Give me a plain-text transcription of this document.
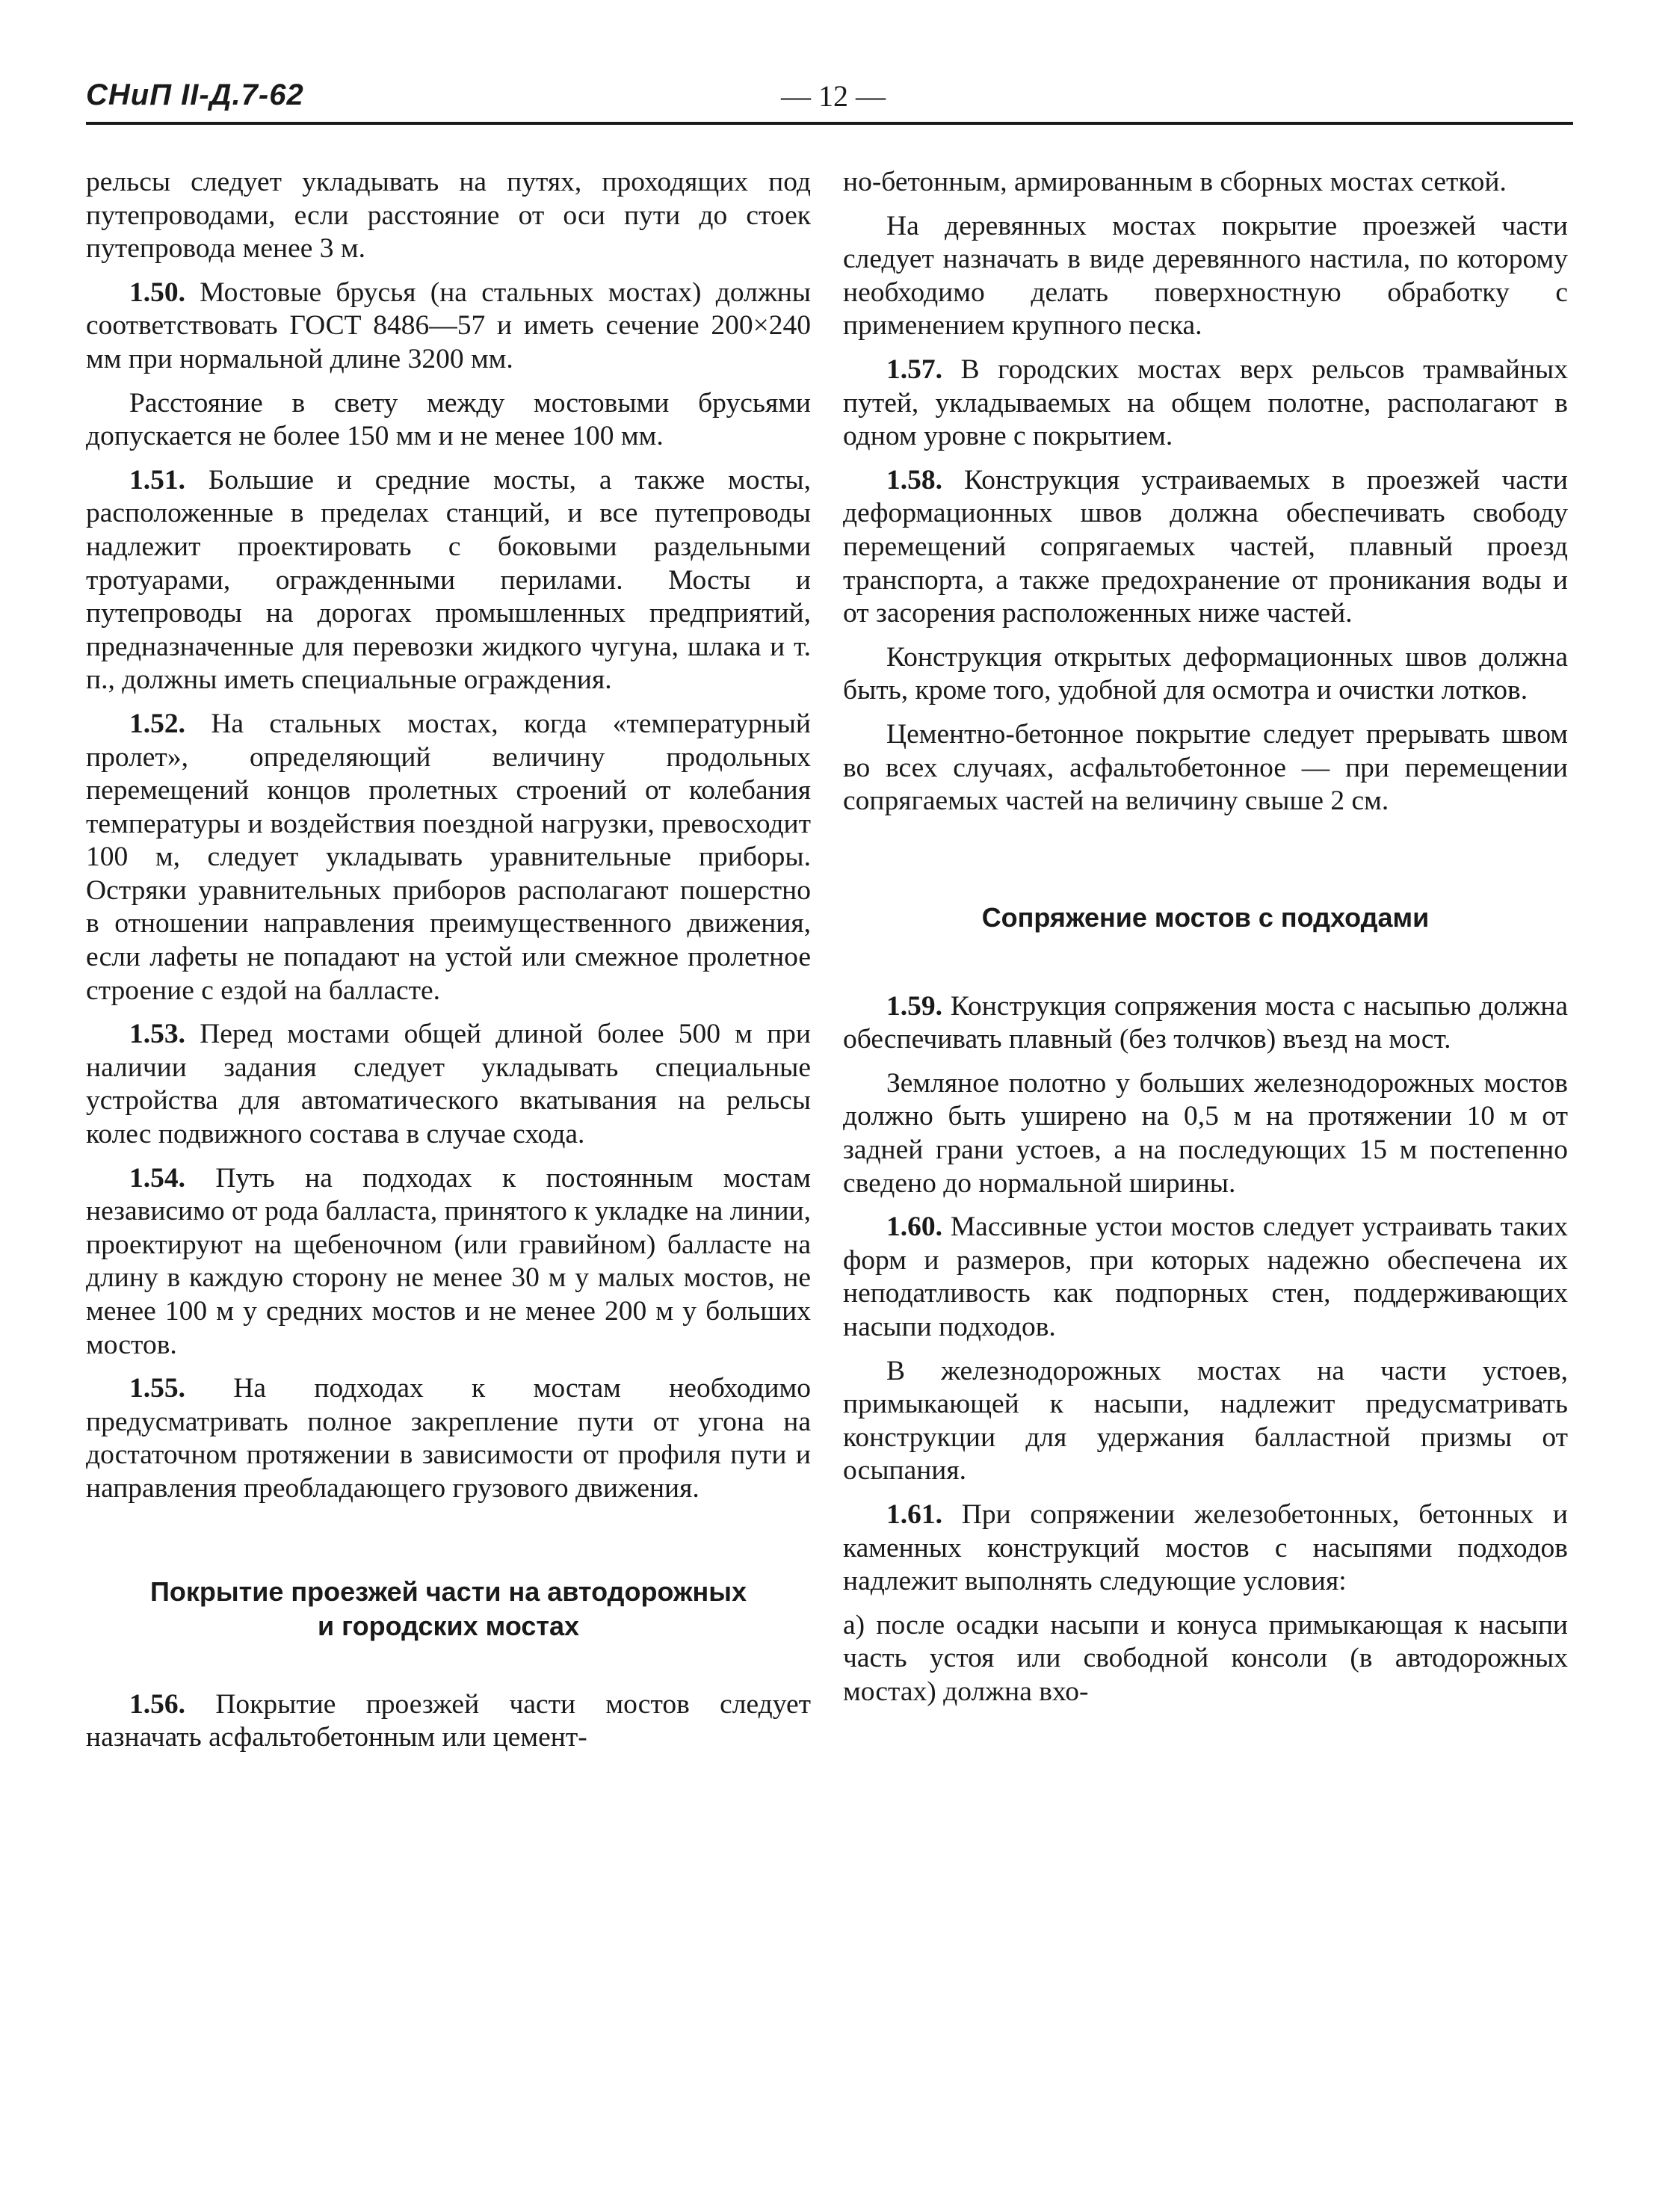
СНиП II-Д.7-62	— 12 —

рельсы следует укладывать на путях, проходящих под путепроводами, если расстояние от оси пути до стоек путепровода менее 3 м.

1.50. Мостовые брусья (на стальных мостах) должны соответствовать ГОСТ 8486—57 и иметь сечение 200×240 мм при нормальной длине 3200 мм.

Расстояние в свету между мостовыми брусьями допускается не более 150 мм и не менее 100 мм.

1.51. Большие и средние мосты, а также мосты, расположенные в пределах станций, и все путепроводы надлежит проектировать с боковыми раздельными тротуарами, огражденными перилами. Мосты и путепроводы на дорогах промышленных предприятий, предназначенные для перевозки жидкого чугуна, шлака и т. п., должны иметь специальные ограждения.

1.52. На стальных мостах, когда «температурный пролет», определяющий величину продольных перемещений концов пролетных строений от колебания температуры и воздействия поездной нагрузки, превосходит 100 м, следует укладывать уравнительные приборы. Остряки уравнительных приборов располагают пошерстно в отношении направления преимущественного движения, если лафеты не попадают на устой или смежное пролетное строение с ездой на балласте.

1.53. Перед мостами общей длиной более 500 м при наличии задания следует укладывать специальные устройства для автоматического вкатывания на рельсы колес подвижного состава в случае схода.

1.54. Путь на подходах к постоянным мостам независимо от рода балласта, принятого к укладке на линии, проектируют на щебеночном (или гравийном) балласте на длину в каждую сторону не менее 30 м у малых мостов, не менее 100 м у средних мостов и не менее 200 м у больших мостов.

1.55. На подходах к мостам необходимо предусматривать полное закрепление пути от угона на достаточном протяжении в зависимости от профиля пути и направления преобладающего грузового движения.

Покрытие проезжей части на автодорожных
и городских мостах

1.56. Покрытие проезжей части мостов следует назначать асфальтобетонным или цемент-

но-бетонным, армированным в сборных мостах сеткой.

На деревянных мостах покрытие проезжей части следует назначать в виде деревянного настила, по которому необходимо делать поверхностную обработку с применением крупного песка.

1.57. В городских мостах верх рельсов трамвайных путей, укладываемых на общем полотне, располагают в одном уровне с покрытием.

1.58. Конструкция устраиваемых в проезжей части деформационных швов должна обеспечивать свободу перемещений сопрягаемых частей, плавный проезд транспорта, а также предохранение от проникания воды и от засорения расположенных ниже частей.

Конструкция открытых деформационных швов должна быть, кроме того, удобной для осмотра и очистки лотков.

Цементно-бетонное покрытие следует прерывать швом во всех случаях, асфальтобетонное — при перемещении сопрягаемых частей на величину свыше 2 см.

Сопряжение мостов с подходами

1.59. Конструкция сопряжения моста с насыпью должна обеспечивать плавный (без толчков) въезд на мост.

Земляное полотно у больших железнодорожных мостов должно быть уширено на 0,5 м на протяжении 10 м от задней грани устоев, а на последующих 15 м постепенно сведено до нормальной ширины.

1.60. Массивные устои мостов следует устраивать таких форм и размеров, при которых надежно обеспечена их неподатливость как подпорных стен, поддерживающих насыпи подходов.

В железнодорожных мостах на части устоев, примыкающей к насыпи, надлежит предусматривать конструкции для удержания балластной призмы от осыпания.

1.61. При сопряжении железобетонных, бетонных и каменных конструкций мостов с насыпями подходов надлежит выполнять следующие условия:

а) после осадки насыпи и конуса примыкающая к насыпи часть устоя или свободной консоли (в автодорожных мостах) должна вхо-
